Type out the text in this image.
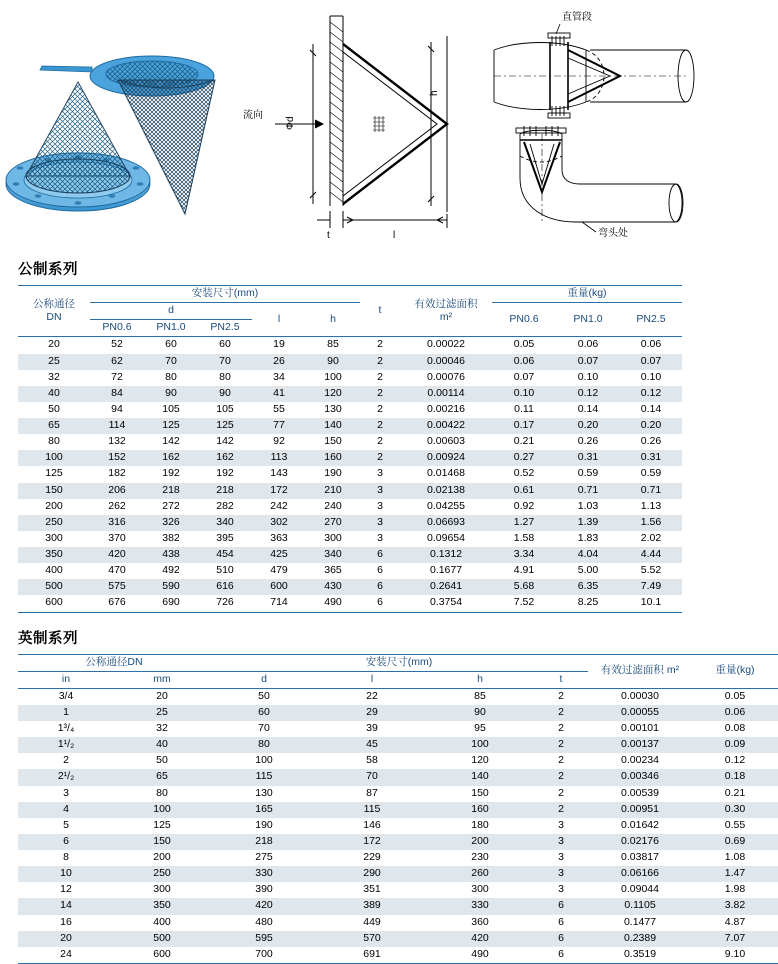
流向
Φd
h
t	l
直管段
弯头处
公制系列
公称通径
DN	安装尺寸(mm)					t	有效过滤面积
m²	重量(kg)		
	d			l	h			PN0.6	PN1.0	PN2.5
	PN0.6	PN1.0	PN2.5							
20	52	60	60	19	85	2	0.00022	0.05	0.06	0.06
25	62	70	70	26	90	2	0.00046	0.06	0.07	0.07
32	72	80	80	34	100	2	0.00076	0.07	0.10	0.10
40	84	90	90	41	120	2	0.00114	0.10	0.12	0.12
50	94	105	105	55	130	2	0.00216	0.11	0.14	0.14
65	114	125	125	77	140	2	0.00422	0.17	0.20	0.20
80	132	142	142	92	150	2	0.00603	0.21	0.26	0.26
100	152	162	162	113	160	2	0.00924	0.27	0.31	0.31
125	182	192	192	143	190	3	0.01468	0.52	0.59	0.59
150	206	218	218	172	210	3	0.02138	0.61	0.71	0.71
200	262	272	282	242	240	3	0.04255	0.92	1.03	1.13
250	316	326	340	302	270	3	0.06693	1.27	1.39	1.56
300	370	382	395	363	300	3	0.09654	1.58	1.83	2.02
350	420	438	454	425	340	6	0.1312	3.34	4.04	4.44
400	470	492	510	479	365	6	0.1677	4.91	5.00	5.52
500	575	590	616	600	430	6	0.2641	5.68	6.35	7.49
600	676	690	726	714	490	6	0.3754	7.52	8.25	10.1
英制系列
公称通径DN		安装尺寸(mm)				有效过滤面积 m²	重量(kg)
in	mm	d	l	h	t		
3/4	20	50	22	85	2	0.00030	0.05
1	25	60	29	90	2	0.00055	0.06
1³/₄	32	70	39	95	2	0.00101	0.08
1¹/₂	40	80	45	100	2	0.00137	0.09
2	50	100	58	120	2	0.00234	0.12
2¹/₂	65	115	70	140	2	0.00346	0.18
3	80	130	87	150	2	0.00539	0.21
4	100	165	115	160	2	0.00951	0.30
5	125	190	146	180	3	0.01642	0.55
6	150	218	172	200	3	0.02176	0.69
8	200	275	229	230	3	0.03817	1.08
10	250	330	290	260	3	0.06166	1.47
12	300	390	351	300	3	0.09044	1.98
14	350	420	389	330	6	0.1105	3.82
16	400	480	449	360	6	0.1477	4.87
20	500	595	570	420	6	0.2389	7.07
24	600	700	691	490	6	0.3519	9.10
